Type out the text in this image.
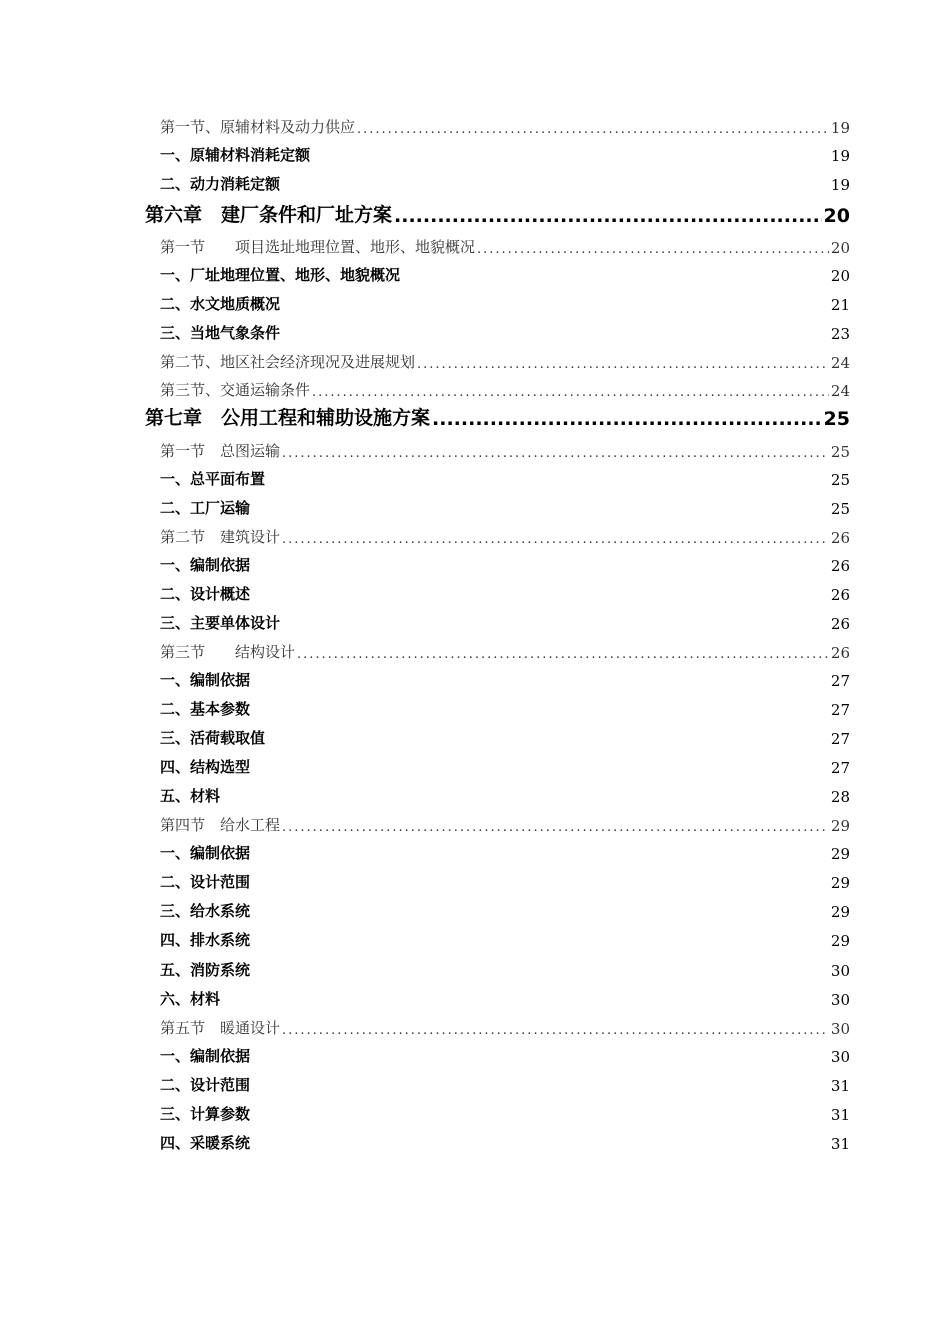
第一节、原辅材料及动力供应 .....	19
一、原辅材料消耗定额	19
二、动力消耗定额	19
第六章　建厂条件和厂址方案 .....	20
第一节　　项目选址地理位置、地形、地貌概况 .....	20
一、厂址地理位置、地形、地貌概况	20
二、水文地质概况	21
三、当地气象条件	23
第二节、地区社会经济现况及进展规划 .....	24
第三节、交通运输条件 .....	24
第七章　公用工程和辅助设施方案 .....	25
第一节　总图运输 .....	25
一、总平面布置	25
二、工厂运输	25
第二节　建筑设计 .....	26
一、编制依据	26
二、设计概述	26
三、主要单体设计	26
第三节　　结构设计 .....	26
一、编制依据	27
二、基本参数	27
三、活荷载取值	27
四、结构选型	27
五、材料	28
第四节　给水工程 .....	29
一、编制依据	29
二、设计范围	29
三、给水系统	29
四、排水系统	29
五、消防系统	30
六、材料	30
第五节　暖通设计 .....	30
一、编制依据	30
二、设计范围	31
三、计算参数	31
四、采暖系统	31
